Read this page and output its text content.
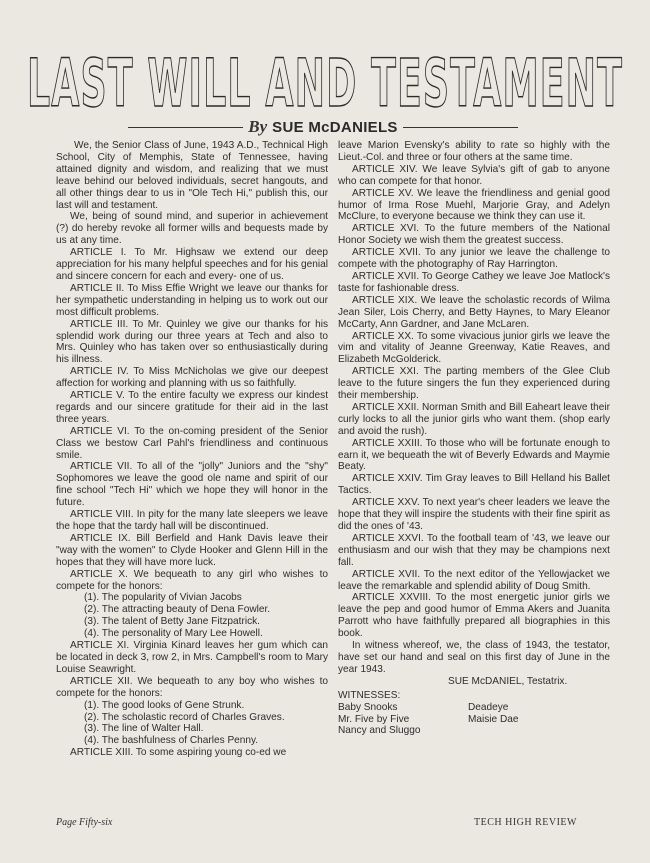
LAST WILL AND TESTAMENT
By SUE McDANIELS

We, the Senior Class of June, 1943 A.D., Technical High School, City of Memphis, State of Tennessee, having attained dignity and wisdom, and realizing that we must leave behind our beloved individuals, secret hangouts, and all other things dear to us in "Ole Tech Hi," publish this, our last will and testament.

We, being of sound mind, and superior in achievement (?) do hereby revoke all former wills and bequests made by us at any time.

ARTICLE I. To Mr. Highsaw we extend our deep appreciation for his many helpful speeches and for his genial and sincere concern for each and every- one of us.

ARTICLE II. To Miss Effie Wright we leave our thanks for her sympathetic understanding in helping us to work out our most difficult problems.

ARTICLE III. To Mr. Quinley we give our thanks for his splendid work during our three years at Tech and also to Mrs. Quinley who has taken over so enthusiastically during his illness.

ARTICLE IV. To Miss McNicholas we give our deepest affection for working and planning with us so faithfully.

ARTICLE V. To the entire faculty we express our kindest regards and our sincere gratitude for their aid in the last three years.

ARTICLE VI. To the on-coming president of the Senior Class we bestow Carl Pahl's friendliness and continuous smile.

ARTICLE VII. To all of the "jolly" Juniors and the "shy" Sophomores we leave the good ole name and spirit of our fine school "Tech Hi" which we hope they will honor in the future.

ARTICLE VIII. In pity for the many late sleepers we leave the hope that the tardy hall will be discontinued.

ARTICLE IX. Bill Berfield and Hank Davis leave their "way with the women" to Clyde Hooker and Glenn Hill in the hopes that they will have more luck.

ARTICLE X. We bequeath to any girl who wishes to compete for the honors:

(1). The popularity of Vivian Jacobs
(2). The attracting beauty of Dena Fowler.
(3). The talent of Betty Jane Fitzpatrick.
(4). The personality of Mary Lee Howell.

ARTICLE XI. Virginia Kinard leaves her gum which can be located in deck 3, row 2, in Mrs. Campbell's room to Mary Louise Seawright.

ARTICLE XII. We bequeath to any boy who wishes to compete for the honors:

(1). The good looks of Gene Strunk.
(2). The scholastic record of Charles Graves.
(3). The line of Walter Hall.
(4). The bashfulness of Charles Penny.

ARTICLE XIII. To some aspiring young co-ed we

leave Marion Evensky's ability to rate so highly with the Lieut.-Col. and three or four others at the same time.

ARTICLE XIV. We leave Sylvia's gift of gab to anyone who can compete for that honor.

ARTICLE XV. We leave the friendliness and genial good humor of Irma Rose Muehl, Marjorie Gray, and Adelyn McClure, to everyone because we think they can use it.

ARTICLE XVI. To the future members of the National Honor Society we wish them the greatest success.

ARTICLE XVII. To any junior we leave the challenge to compete with the photography of Ray Harrington.

ARTICLE XVII. To George Cathey we leave Joe Matlock's taste for fashionable dress.

ARTICLE XIX. We leave the scholastic records of Wilma Jean Siler, Lois Cherry, and Betty Haynes, to Mary Eleanor McCarty, Ann Gardner, and Jane McLaren.

ARTICLE XX. To some vivacious junior girls we leave the vim and vitality of Jeanne Greenway, Katie Reaves, and Elizabeth McGolderick.

ARTICLE XXI. The parting members of the Glee Club leave to the future singers the fun they experienced during their membership.

ARTICLE XXII. Norman Smith and Bill Eaheart leave their curly locks to all the junior girls who want them. (shop early and avoid the rush).

ARTICLE XXIII. To those who will be fortunate enough to earn it, we bequeath the wit of Beverly Edwards and Maymie Beaty.

ARTICLE XXIV. Tim Gray leaves to Bill Helland his Ballet Tactics.

ARTICLE XXV. To next year's cheer leaders we leave the hope that they will inspire the students with their fine spirit as did the ones of '43.

ARTICLE XXVI. To the football team of '43, we leave our enthusiasm and our wish that they may be champions next fall.

ARTICLE XVII. To the next editor of the Yellowjacket we leave the remarkable and splendid ability of Doug Smith.

ARTICLE XXVIII. To the most energetic junior girls we leave the pep and good humor of Emma Akers and Juanita Parrott who have faithfully prepared all biographies in this book.

In witness whereof, we, the class of 1943, the testator, have set our hand and seal on this first day of June in the year 1943.

SUE McDANIEL, Testatrix.
WITNESSES:
Baby Snooks	Deadeye
Mr. Five by Five	Maisie Dae
Nancy and Sluggo
Page Fifty-six	TECH HIGH REVIEW
